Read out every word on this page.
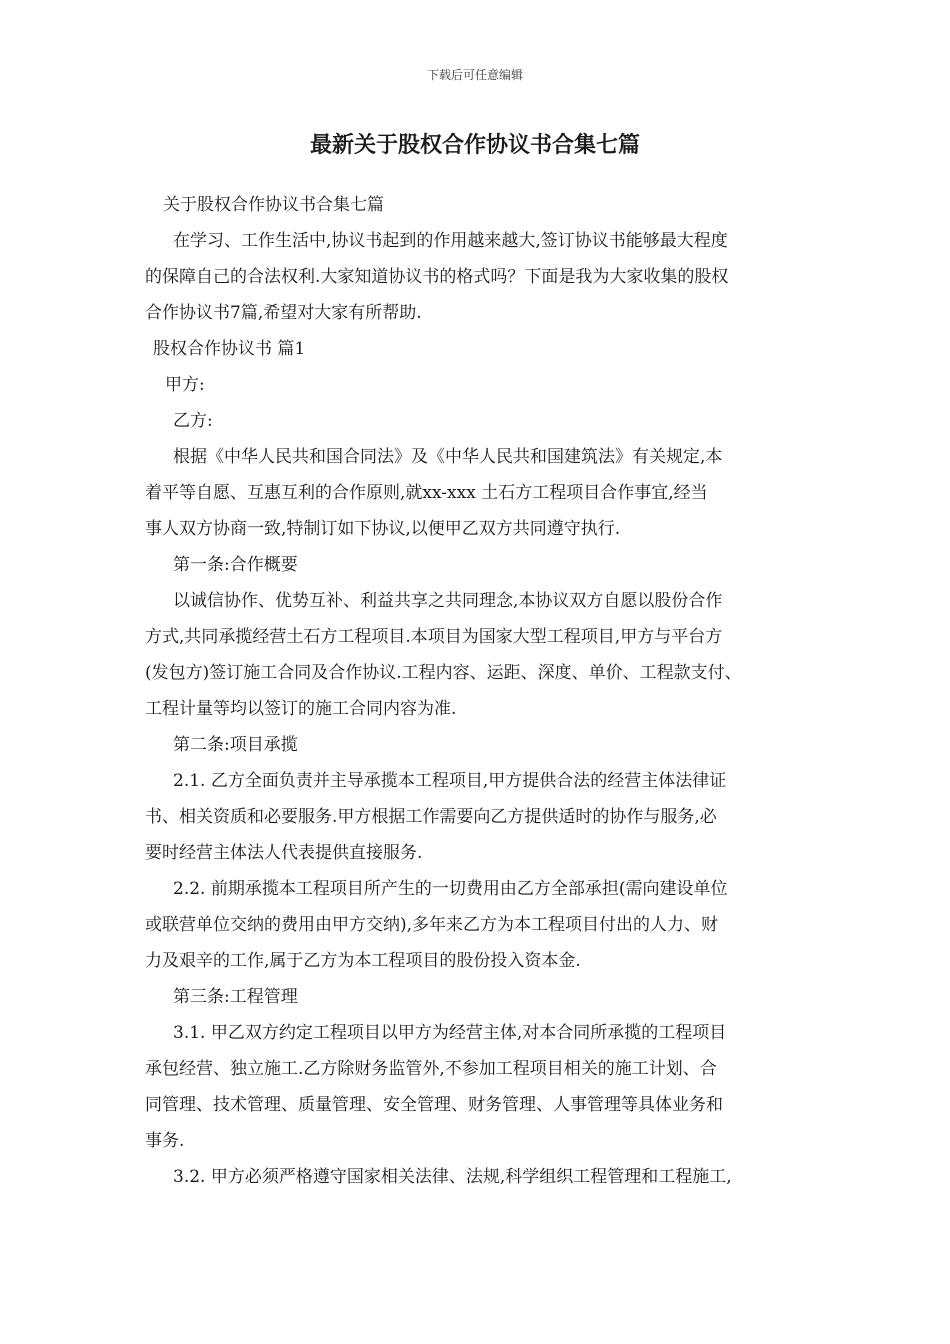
下载后可任意编辑
最新关于股权合作协议书合集七篇
关于股权合作协议书合集七篇
在学习、工作生活中,协议书起到的作用越来越大,签订协议书能够最大程度
的保障自己的合法权利.大家知道协议书的格式吗？下面是我为大家收集的股权
合作协议书7篇,希望对大家有所帮助.
股权合作协议书 篇1
甲方:
乙方:
根据《中华人民共和国合同法》及《中华人民共和国建筑法》有关规定,本
着平等自愿、互惠互利的合作原则,就xx-xxx 土石方工程项目合作事宜,经当
事人双方协商一致,特制订如下协议,以便甲乙双方共同遵守执行.
第一条:合作概要
以诚信协作、优势互补、利益共享之共同理念,本协议双方自愿以股份合作
方式,共同承揽经营土石方工程项目.本项目为国家大型工程项目,甲方与平台方
(发包方)签订施工合同及合作协议.工程内容、运距、深度、单价、工程款支付、
工程计量等均以签订的施工合同内容为准.
第二条:项目承揽
2.1. 乙方全面负责并主导承揽本工程项目,甲方提供合法的经营主体法律证
书、相关资质和必要服务.甲方根据工作需要向乙方提供适时的协作与服务,必
要时经营主体法人代表提供直接服务.
2.2. 前期承揽本工程项目所产生的一切费用由乙方全部承担(需向建设单位
或联营单位交纳的费用由甲方交纳),多年来乙方为本工程项目付出的人力、财
力及艰辛的工作,属于乙方为本工程项目的股份投入资本金.
第三条:工程管理
3.1. 甲乙双方约定工程项目以甲方为经营主体,对本合同所承揽的工程项目
承包经营、独立施工.乙方除财务监管外,不参加工程项目相关的施工计划、合
同管理、技术管理、质量管理、安全管理、财务管理、人事管理等具体业务和
事务.
3.2. 甲方必须严格遵守国家相关法律、法规,科学组织工程管理和工程施工,
